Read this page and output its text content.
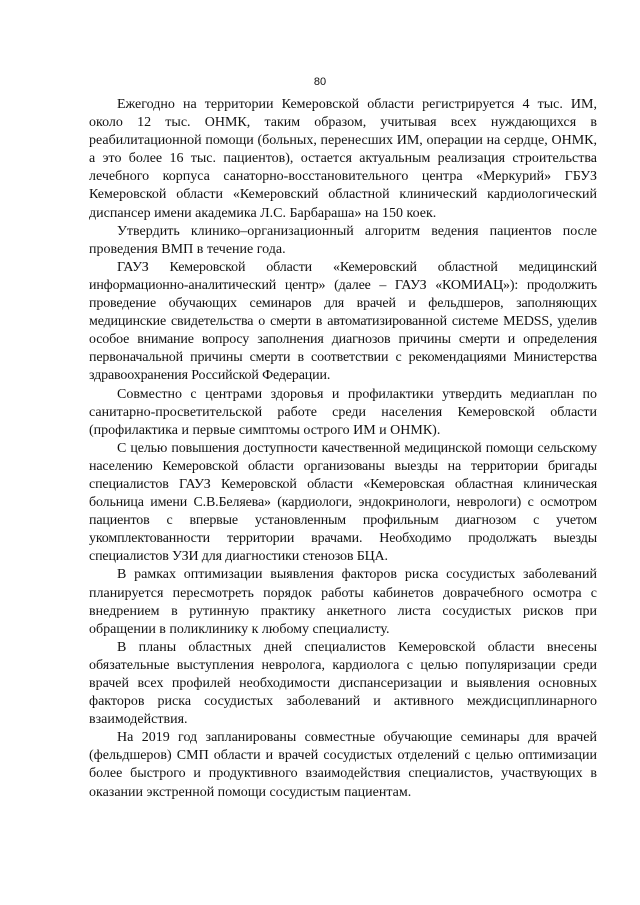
80

Ежегодно на территории Кемеровской области регистрируется 4 тыс. ИМ, около 12 тыс. ОНМК, таким образом, учитывая всех нуждающихся в реабилитационной помощи (больных, перенесших ИМ, операции на сердце, ОНМК, а это более 16 тыс. пациентов), остается актуальным реализация строительства лечебного корпуса санаторно-восстановительного центра «Меркурий» ГБУЗ Кемеровской области «Кемеровский областной клинический кардиологический диспансер имени академика Л.С. Барбараша» на 150 коек.

Утвердить клинико–организационный алгоритм ведения пациентов после проведения ВМП в течение года.

ГАУЗ Кемеровской области «Кемеровский областной медицинский информационно-аналитический центр» (далее – ГАУЗ «КОМИАЦ»): продолжить проведение обучающих семинаров для врачей и фельдшеров, заполняющих медицинские свидетельства о смерти в автоматизированной системе MEDSS, уделив особое внимание вопросу заполнения диагнозов причины смерти и определения первоначальной причины смерти в соответствии с рекомендациями Министерства здравоохранения Российской Федерации.

Совместно с центрами здоровья и профилактики утвердить медиаплан по санитарно-просветительской работе среди населения Кемеровской области (профилактика и первые симптомы острого ИМ и ОНМК).

С целью повышения доступности качественной медицинской помощи сельскому населению Кемеровской области организованы выезды на территории бригады специалистов ГАУЗ Кемеровской области «Кемеровская областная клиническая больница имени С.В.Беляева» (кардиологи, эндокринологи, неврологи) с осмотром пациентов с впервые установленным профильным диагнозом с учетом укомплектованности территории врачами. Необходимо продолжать выезды специалистов УЗИ для диагностики стенозов БЦА.

В рамках оптимизации выявления факторов риска сосудистых заболеваний планируется пересмотреть порядок работы кабинетов доврачебного осмотра с внедрением в рутинную практику анкетного листа сосудистых рисков при обращении в поликлинику к любому специалисту.

В планы областных дней специалистов Кемеровской области внесены обязательные выступления невролога, кардиолога с целью популяризации среди врачей всех профилей необходимости диспансеризации и выявления основных факторов риска сосудистых заболеваний и активного междисциплинарного взаимодействия.

На 2019 год запланированы совместные обучающие семинары для врачей (фельдшеров) СМП области и врачей сосудистых отделений с целью оптимизации более быстрого и продуктивного взаимодействия специалистов, участвующих в оказании экстренной помощи сосудистым пациентам.
